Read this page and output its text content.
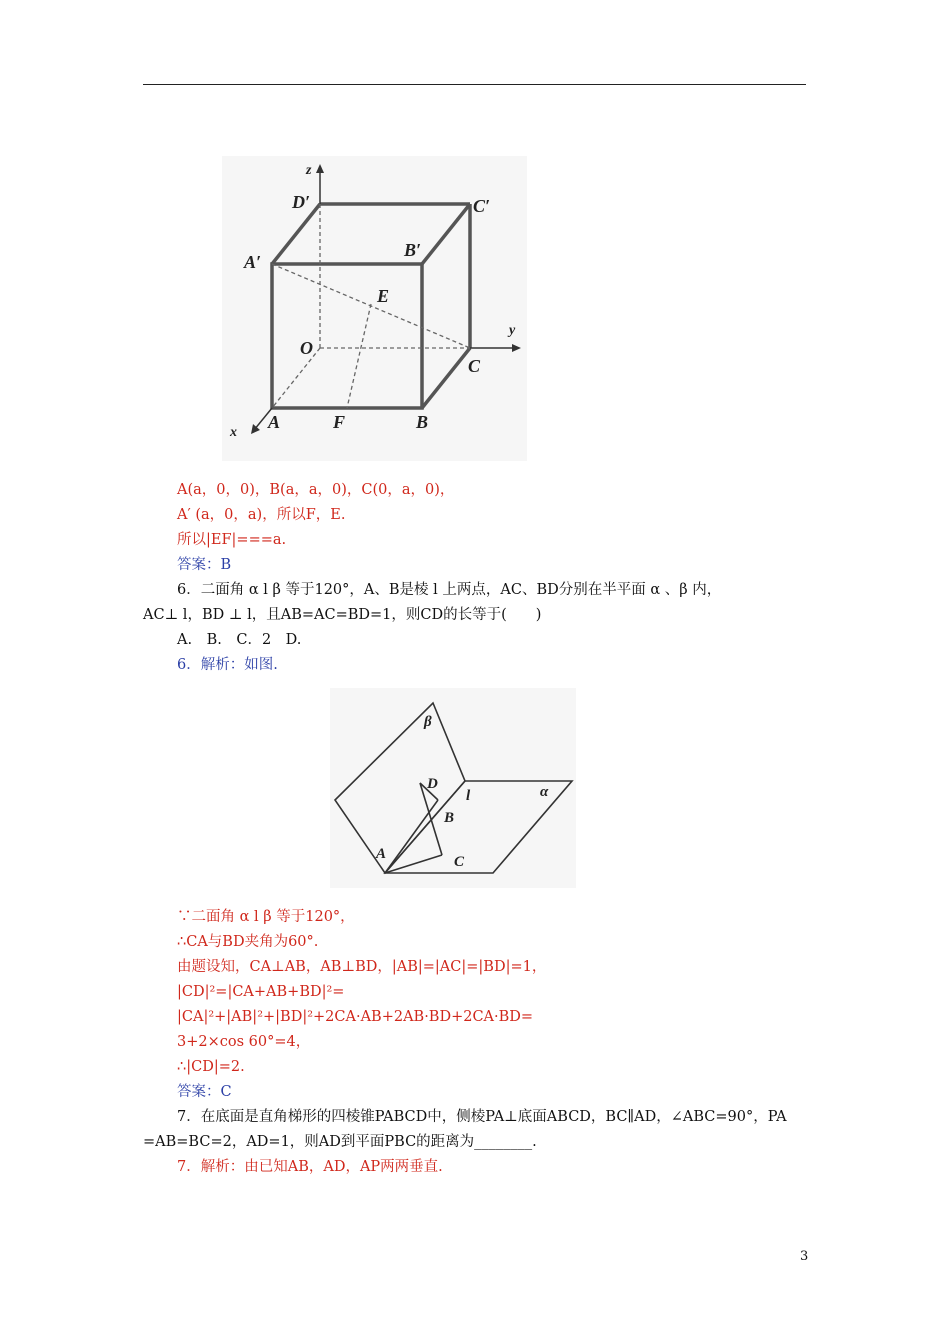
z
y
x
D′	C′
A′
B′
E
O
C
A	F	B
A(a，0，0)，B(a，a，0)，C(0，a，0)，
A′ (a，0，a)，所以F，E.
所以|EF|===a.
答案：B
6．二面角 α l β 等于120°，A、B是棱 l 上两点，AC、BD分别在半平面 α 、β 内，
AC⊥ l，BD ⊥ l，且AB=AC=BD=1，则CD的长等于(　　)
A.　B.　C．2　D.
6．解析：如图.
β
α
l
D
B
C
A
∵二面角 α l β 等于120°，
∴CA与BD夹角为60°.
由题设知，CA⊥AB，AB⊥BD，|AB|=|AC|=|BD|=1，
|CD|²=|CA+AB+BD|²=
|CA|²+|AB|²+|BD|²+2CA·AB+2AB·BD+2CA·BD=
3+2×cos 60°=4，
∴|CD|=2.
答案：C
7．在底面是直角梯形的四棱锥PABCD中，侧棱PA⊥底面ABCD，BC∥AD，∠ABC=90°，PA
=AB=BC=2，AD=1，则AD到平面PBC的距离为________.
7．解析：由已知AB，AD，AP两两垂直.
3
